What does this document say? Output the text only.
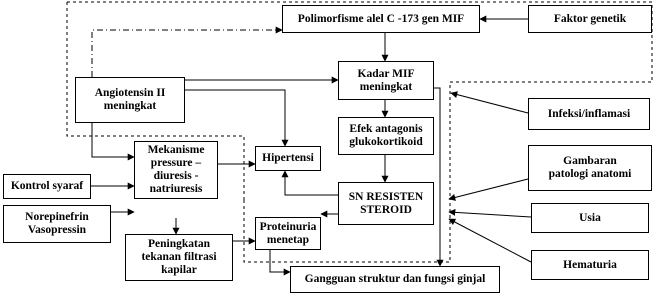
Polimorfisme alel C -173 gen MIF	Faktor genetik
Kadar MIF
meningkat
Angiotensin II
meningkat
Infeksi/inflamasi
Efek antagonis
glukokortikoid
Mekanisme
pressure –
diuresis -
natriuresis
Hipertensi	Gambaran
patologi anatomi
Kontrol syaraf
SN RESISTEN
STEROID
Usia
Norepinefrin
Vasopressin	Proteinuria
menetap
Peningkatan
tekanan filtrasi
kapilar	Hematuria
Gangguan struktur dan fungsi ginjal
